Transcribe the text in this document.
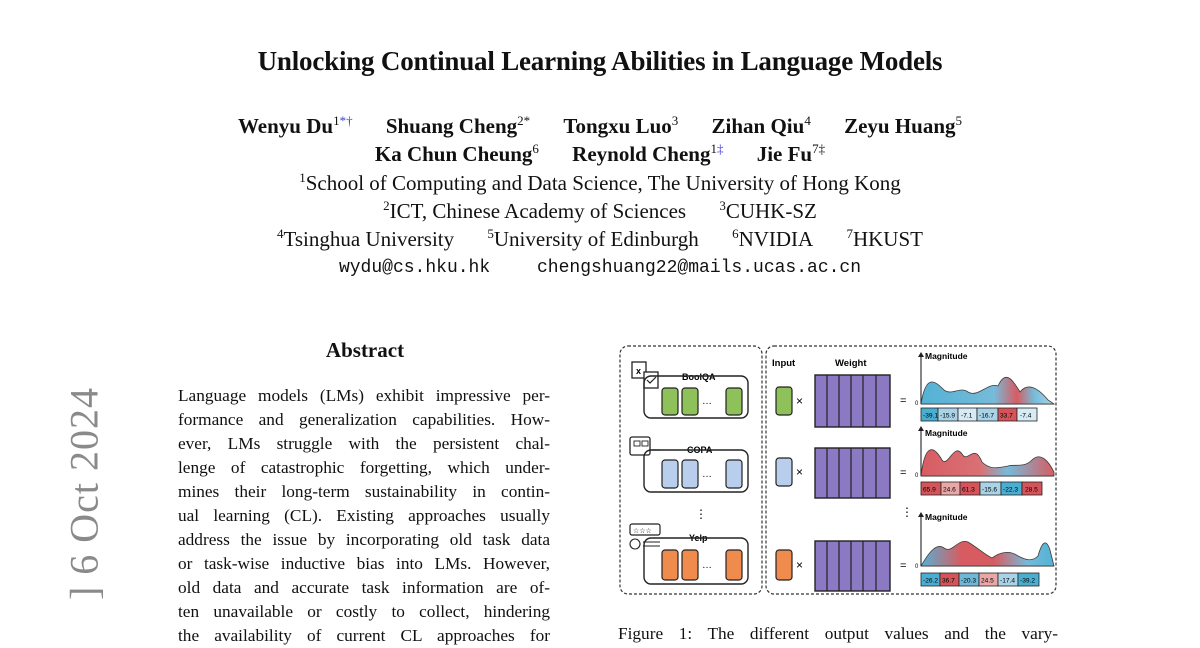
Unlocking Continual Learning Abilities in Language Models
Wenyu $Du^{1*\dagger}$ Shuang Cheng$^{2*}$ Tongxu Luo$^3$ Zihan Qiu$^4$ Zeyu Huang$^5$
Ka Chun Cheung$^6$ Reynold Cheng$^{1\ddagger}$ Jie $Fu^{7\ddagger}$
$^1$School of Computing and Data Science, The University of Hong Kong
$^2$ICT, Chinese Academy of Sciences	$^3$CUHK-SZ
$^4$Tsinghua University	$^5$University of Edinburgh	$^6$NVIDIA	$^7$HKUST
wydu@cs.hku.hk	chengshuang22@mails.ucas.ac.cn
] 6 Oct 2024
Abstract
Language models (LMs) exhibit impressive per-
formance and generalization capabilities. How-
ever, LMs struggle with the persistent chal-
lenge of catastrophic forgetting, which under-
mines their long-term sustainability in contin-
ual learning (CL). Existing approaches usually
address the issue by incorporating old task data
or task-wise inductive bias into LMs. However,
old data and accurate task information are of-
ten unavailable or costly to collect, hindering
the availability of current CL approaches for
Input	Weight
x
BoolQA
…	×	= 0
Magnitude
-39.1 -15.9 -7.1 -16.7 33.7 -7.4
COPA
…	×	= 0
Magnitude
65.9 24.6 61.3 -15.6 -22.3 28.5
⋮	⋮
☆☆☆
Yelp
…	×	= 0
Magnitude
-26.2 36.7 -20.3 24.5 -17.4 -39.2
Figure 1: The different output values and the vary-
